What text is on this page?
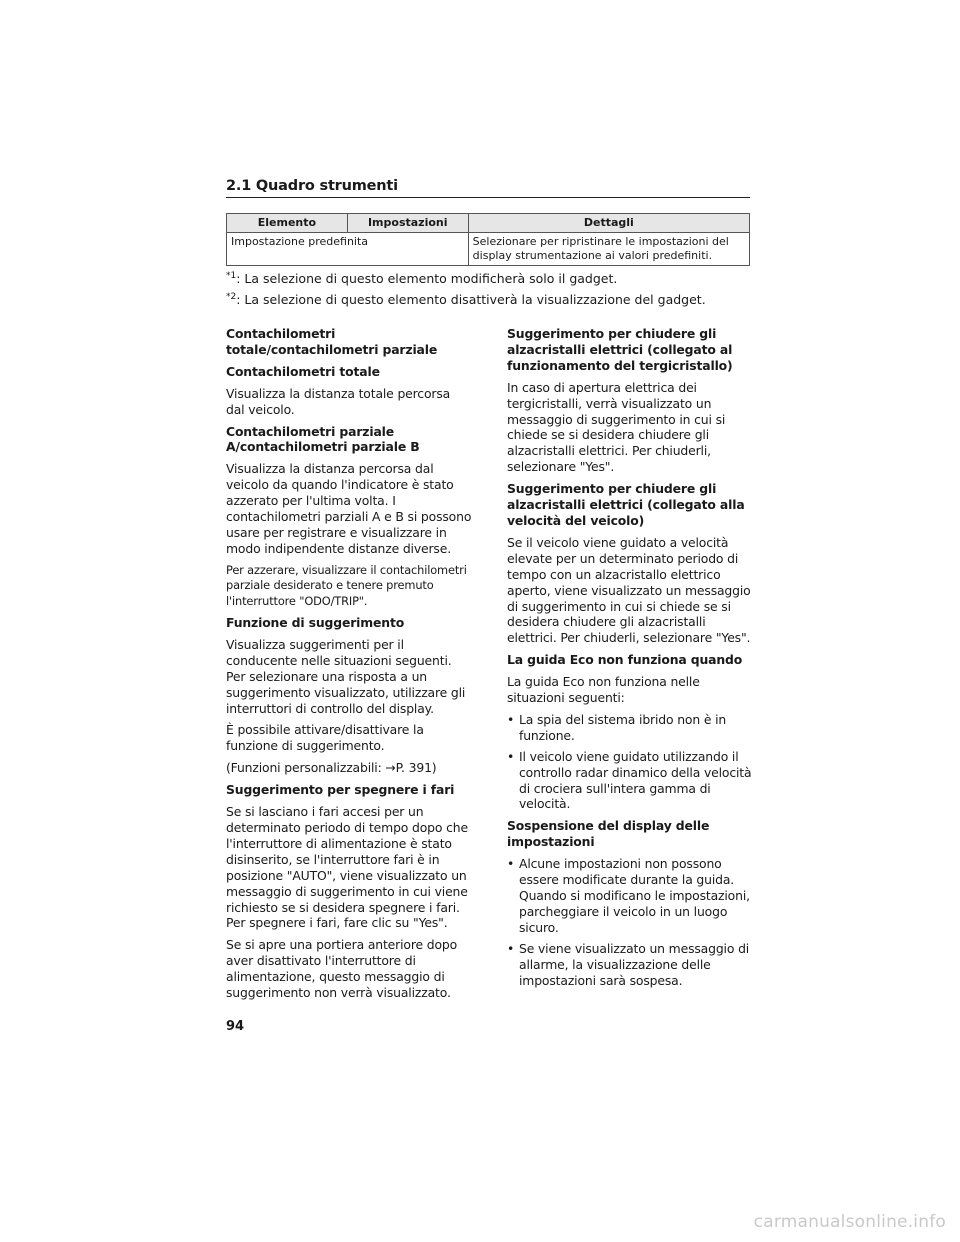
2.1 Quadro strumenti
Elemento	Impostazioni	Dettagli
Impostazione predefinita		Selezionare per ripristinare le impostazioni del display strumentazione ai valori predefiniti.

$^{*1}$: La selezione di questo elemento modificherà solo il gadget.

$^{*2}$: La selezione di questo elemento disattiverà la visualizzazione del gadget.

Contachilometri totale/contachilometri parziale
Contachilometri totale

Visualizza la distanza totale percorsa dal veicolo.

Contachilometri parziale A/contachilometri parziale B

Visualizza la distanza percorsa dal veicolo da quando l'indicatore è stato azzerato per l'ultima volta. I contachilometri parziali A e B si possono usare per registrare e visualizzare in modo indipendente distanze diverse.

Per azzerare, visualizzare il contachilometri parziale desiderato e tenere premuto l'interruttore "ODO/TRIP".

Funzione di suggerimento

Visualizza suggerimenti per il conducente nelle situazioni seguenti. Per selezionare una risposta a un suggerimento visualizzato, utilizzare gli interruttori di controllo del display.

È possibile attivare/disattivare la funzione di suggerimento.

(Funzioni personalizzabili: →P. 391)

Suggerimento per spegnere i fari

Se si lasciano i fari accesi per un determinato periodo di tempo dopo che l'interruttore di alimentazione è stato disinserito, se l'interruttore fari è in posizione "AUTO", viene visualizzato un messaggio di suggerimento in cui viene richiesto se si desidera spegnere i fari. Per spegnere i fari, fare clic su "Yes".

Se si apre una portiera anteriore dopo aver disattivato l'interruttore di alimentazione, questo messaggio di suggerimento non verrà visualizzato.

Suggerimento per chiudere gli alzacristalli elettrici (collegato al funzionamento del tergicristallo)

In caso di apertura elettrica dei tergicristalli, verrà visualizzato un messaggio di suggerimento in cui si chiede se si desidera chiudere gli alzacristalli elettrici. Per chiuderli, selezionare "Yes".

Suggerimento per chiudere gli alzacristalli elettrici (collegato alla velocità del veicolo)

Se il veicolo viene guidato a velocità elevate per un determinato periodo di tempo con un alzacristallo elettrico aperto, viene visualizzato un messaggio di suggerimento in cui si chiede se si desidera chiudere gli alzacristalli elettrici. Per chiuderli, selezionare "Yes".

La guida Eco non funziona quando

La guida Eco non funziona nelle situazioni seguenti:

• La spia del sistema ibrido non è in funzione.
• Il veicolo viene guidato utilizzando il controllo radar dinamico della velocità di crociera sull'intera gamma di velocità.
Sospensione del display delle impostazioni
• Alcune impostazioni non possono essere modificate durante la guida. Quando si modificano le impostazioni, parcheggiare il veicolo in un luogo sicuro.
• Se viene visualizzato un messaggio di allarme, la visualizzazione delle impostazioni sarà sospesa.
94
carmanualsonline.info
